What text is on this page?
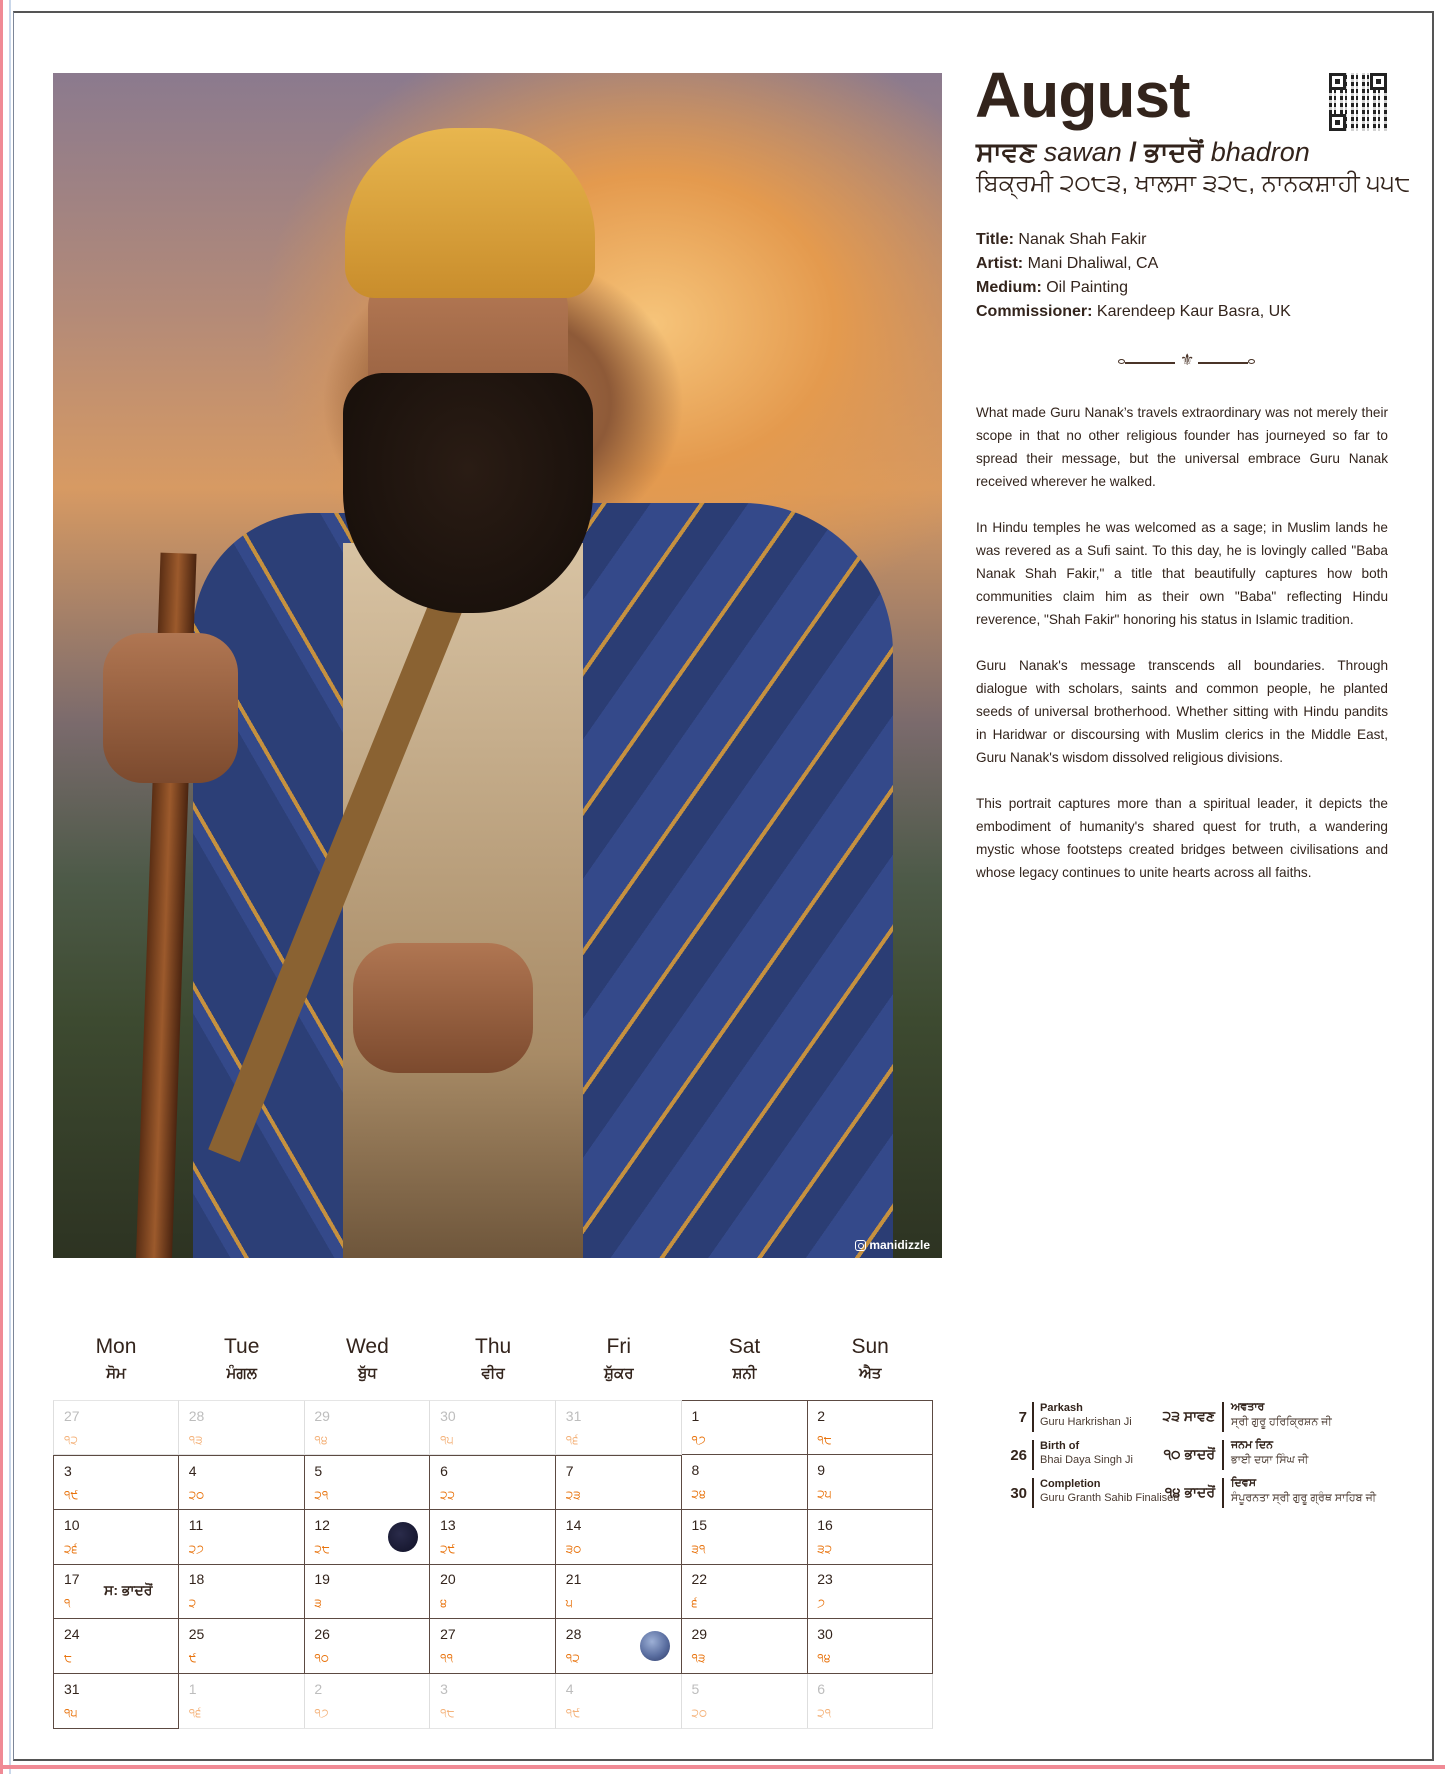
manidizzle
August
ਸਾਵਣ sawan / ਭਾਦਰੋਂ bhadron
ਬਿਕ੍ਰਮੀ ੨੦੮੩, ਖਾਲਸਾ ੩੨੮, ਨਾਨਕਸ਼ਾਹੀ ੫੫੮
Title: Nanak Shah Fakir
Artist: Mani Dhaliwal, CA
Medium: Oil Painting
Commissioner: Karendeep Kaur Basra, UK
⚜

What made Guru Nanak’s travels extraordinary was not merely their scope in that no other religious founder has journeyed so far to spread their message, but the universal embrace Guru Nanak received wherever he walked.

In Hindu temples he was welcomed as a sage; in Muslim lands he was revered as a Sufi saint. To this day, he is lovingly called "Baba Nanak Shah Fakir," a title that beautifully captures how both communities claim him as their own "Baba" reflecting Hindu reverence, "Shah Fakir" honoring his status in Islamic tradition.

Guru Nanak's message transcends all boundaries. Through dialogue with scholars, saints and common people, he planted seeds of universal brotherhood. Whether sitting with Hindu pandits in Haridwar or discoursing with Muslim clerics in the Middle East, Guru Nanak's wisdom dissolved religious divisions.

This portrait captures more than a spiritual leader, it depicts the embodiment of humanity's shared quest for truth, a wandering mystic whose footsteps created bridges between civilisations and whose legacy continues to unite hearts across all faiths.

Mon
ਸੋਮ
Tue
ਮੰਗਲ
Wed
ਬੁੱਧ
Thu
ਵੀਰ
Fri
ਸ਼ੁੱਕਰ
Sat
ਸ਼ਨੀ
Sun
ਐਤ
27
੧੨
28
੧੩
29
੧੪
30
੧੫
31
੧੬
1
੧੭
2
੧੮
3
੧੯
4
੨੦
5
੨੧
6
੨੨
7
੨੩
8
੨੪
9
੨੫
10
੨੬
11
੨੭
12
੨੮
13
੨੯
14
੩੦
15
੩੧
16
੩੨
17
੧
ਸ: ਭਾਦਰੋਂ
18
੨
19
੩
20
੪
21
੫
22
੬
23
੭
24
੮
25
੯
26
੧੦
27
੧੧
28
੧੨
29
੧੩
30
੧੪
31
੧੫
1
੧੬
2
੧੭
3
੧੮
4
੧੯
5
੨੦
6
੨੧
7
Parkash
Guru Harkrishan Ji ੨੩ ਸਾਵਣ
ਅਵਤਾਰ
ਸ੍ਰੀ ਗੁਰੂ ਹਰਿਕ੍ਰਿਸ਼ਨ ਜੀ
26
Birth of
Bhai Daya Singh Ji ੧੦ ਭਾਦਰੋਂ
ਜਨਮ ਦਿਨ
ਭਾਈ ਦਯਾ ਸਿੰਘ ਜੀ
30
Completion
Guru Granth Sahib Finalised
੧੪ ਭਾਦਰੋਂ
ਦਿਵਸ
ਸੰਪੂਰਨਤਾ ਸ੍ਰੀ ਗੁਰੂ ਗ੍ਰੰਥ ਸਾਹਿਬ ਜੀ
